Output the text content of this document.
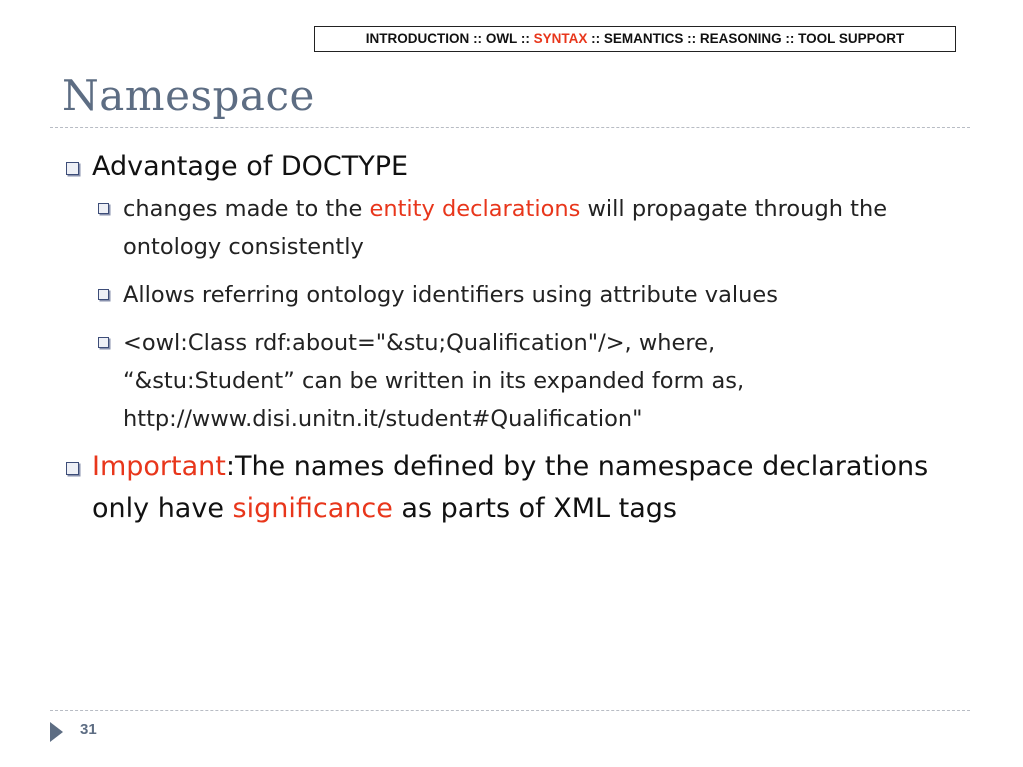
INTRODUCTION :: OWL :: SYNTAX :: SEMANTICS :: REASONING :: TOOL SUPPORT
Namespace

Advantage of DOCTYPE

changes made to the entity declarations will propagate through the ontology consistently

Allows referring ontology identifiers using attribute values

<owl:Class rdf:about="&stu;Qualification"/>, where,
“&stu:Student” can be written in its expanded form as,
http://www.disi.unitn.it/student#Qualification"

Important:The names defined by the namespace declarations only have significance as parts of XML tags

31
